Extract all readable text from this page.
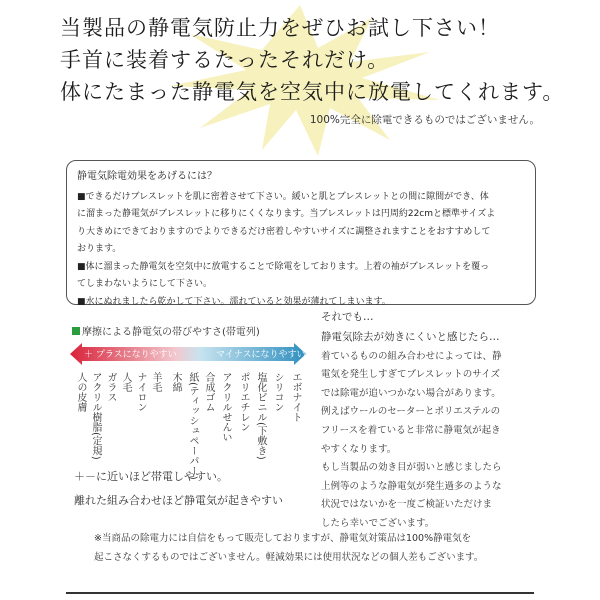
当製品の静電気防止力をぜひお試し下さい！
手首に装着するたったそれだけ。
体にたまった静電気を空気中に放電してくれます。
100%完全に除電できるものではございません。

静電気除電効果をあげるには？

■できるだけブレスレットを肌に密着させて下さい。緩いと肌とブレスレットとの間に隙間ができ、体

に溜まった静電気がブレスレットに移りにくくなります。当ブレスレットは円周約22cmと標準サイズよ

り大きめにできておりますのでよりできるだけ密着しやすいサイズに調整されますことをおすすめして

おります。

■体に溜まった静電気を空気中に放電することで除電をしております。上着の袖がブレスレットを覆っ

てしまわないようにして下さい。

■水にぬれましたら乾かして下さい。濡れていると効果が薄れてしまいます。

摩擦による静電気の帯びやすさ(帯電列)
＋ プラスになりやすい	マイナスになりやすい －
人の皮膚 アクリル樹脂(定規) ガラス 人毛 ナイロン 羊毛 木綿 紙(ティッシュペーパー) 合成ゴム アクリルせんい ポリエチレン 塩化ビニル(下敷き) シリコン エボナイト
＋－に近いほど帯電しやすい。
離れた組み合わせほど静電気が起きやすい

それでも…

静電気除去が効きにくいと感じたら…

着ているものの組み合わせによっては、静

電気を発生しすぎてブレスレットのサイズ

では除電が追いつかない場合があります。

例えばウールのセーターとポリエステルの

フリースを着ていると非常に静電気が起き

やすくなります。

もし当製品の効き目が弱いと感じましたら

上例等のような静電気が発生過多のような

状況ではないかを一度ご検証いただけま

したら幸いでございます。

※当商品の除電力には自信をもって販売しておりますが、静電気対策品は100%静電気を

起こさなくするものではございません。軽減効果には使用状況などの個人差もございます。
